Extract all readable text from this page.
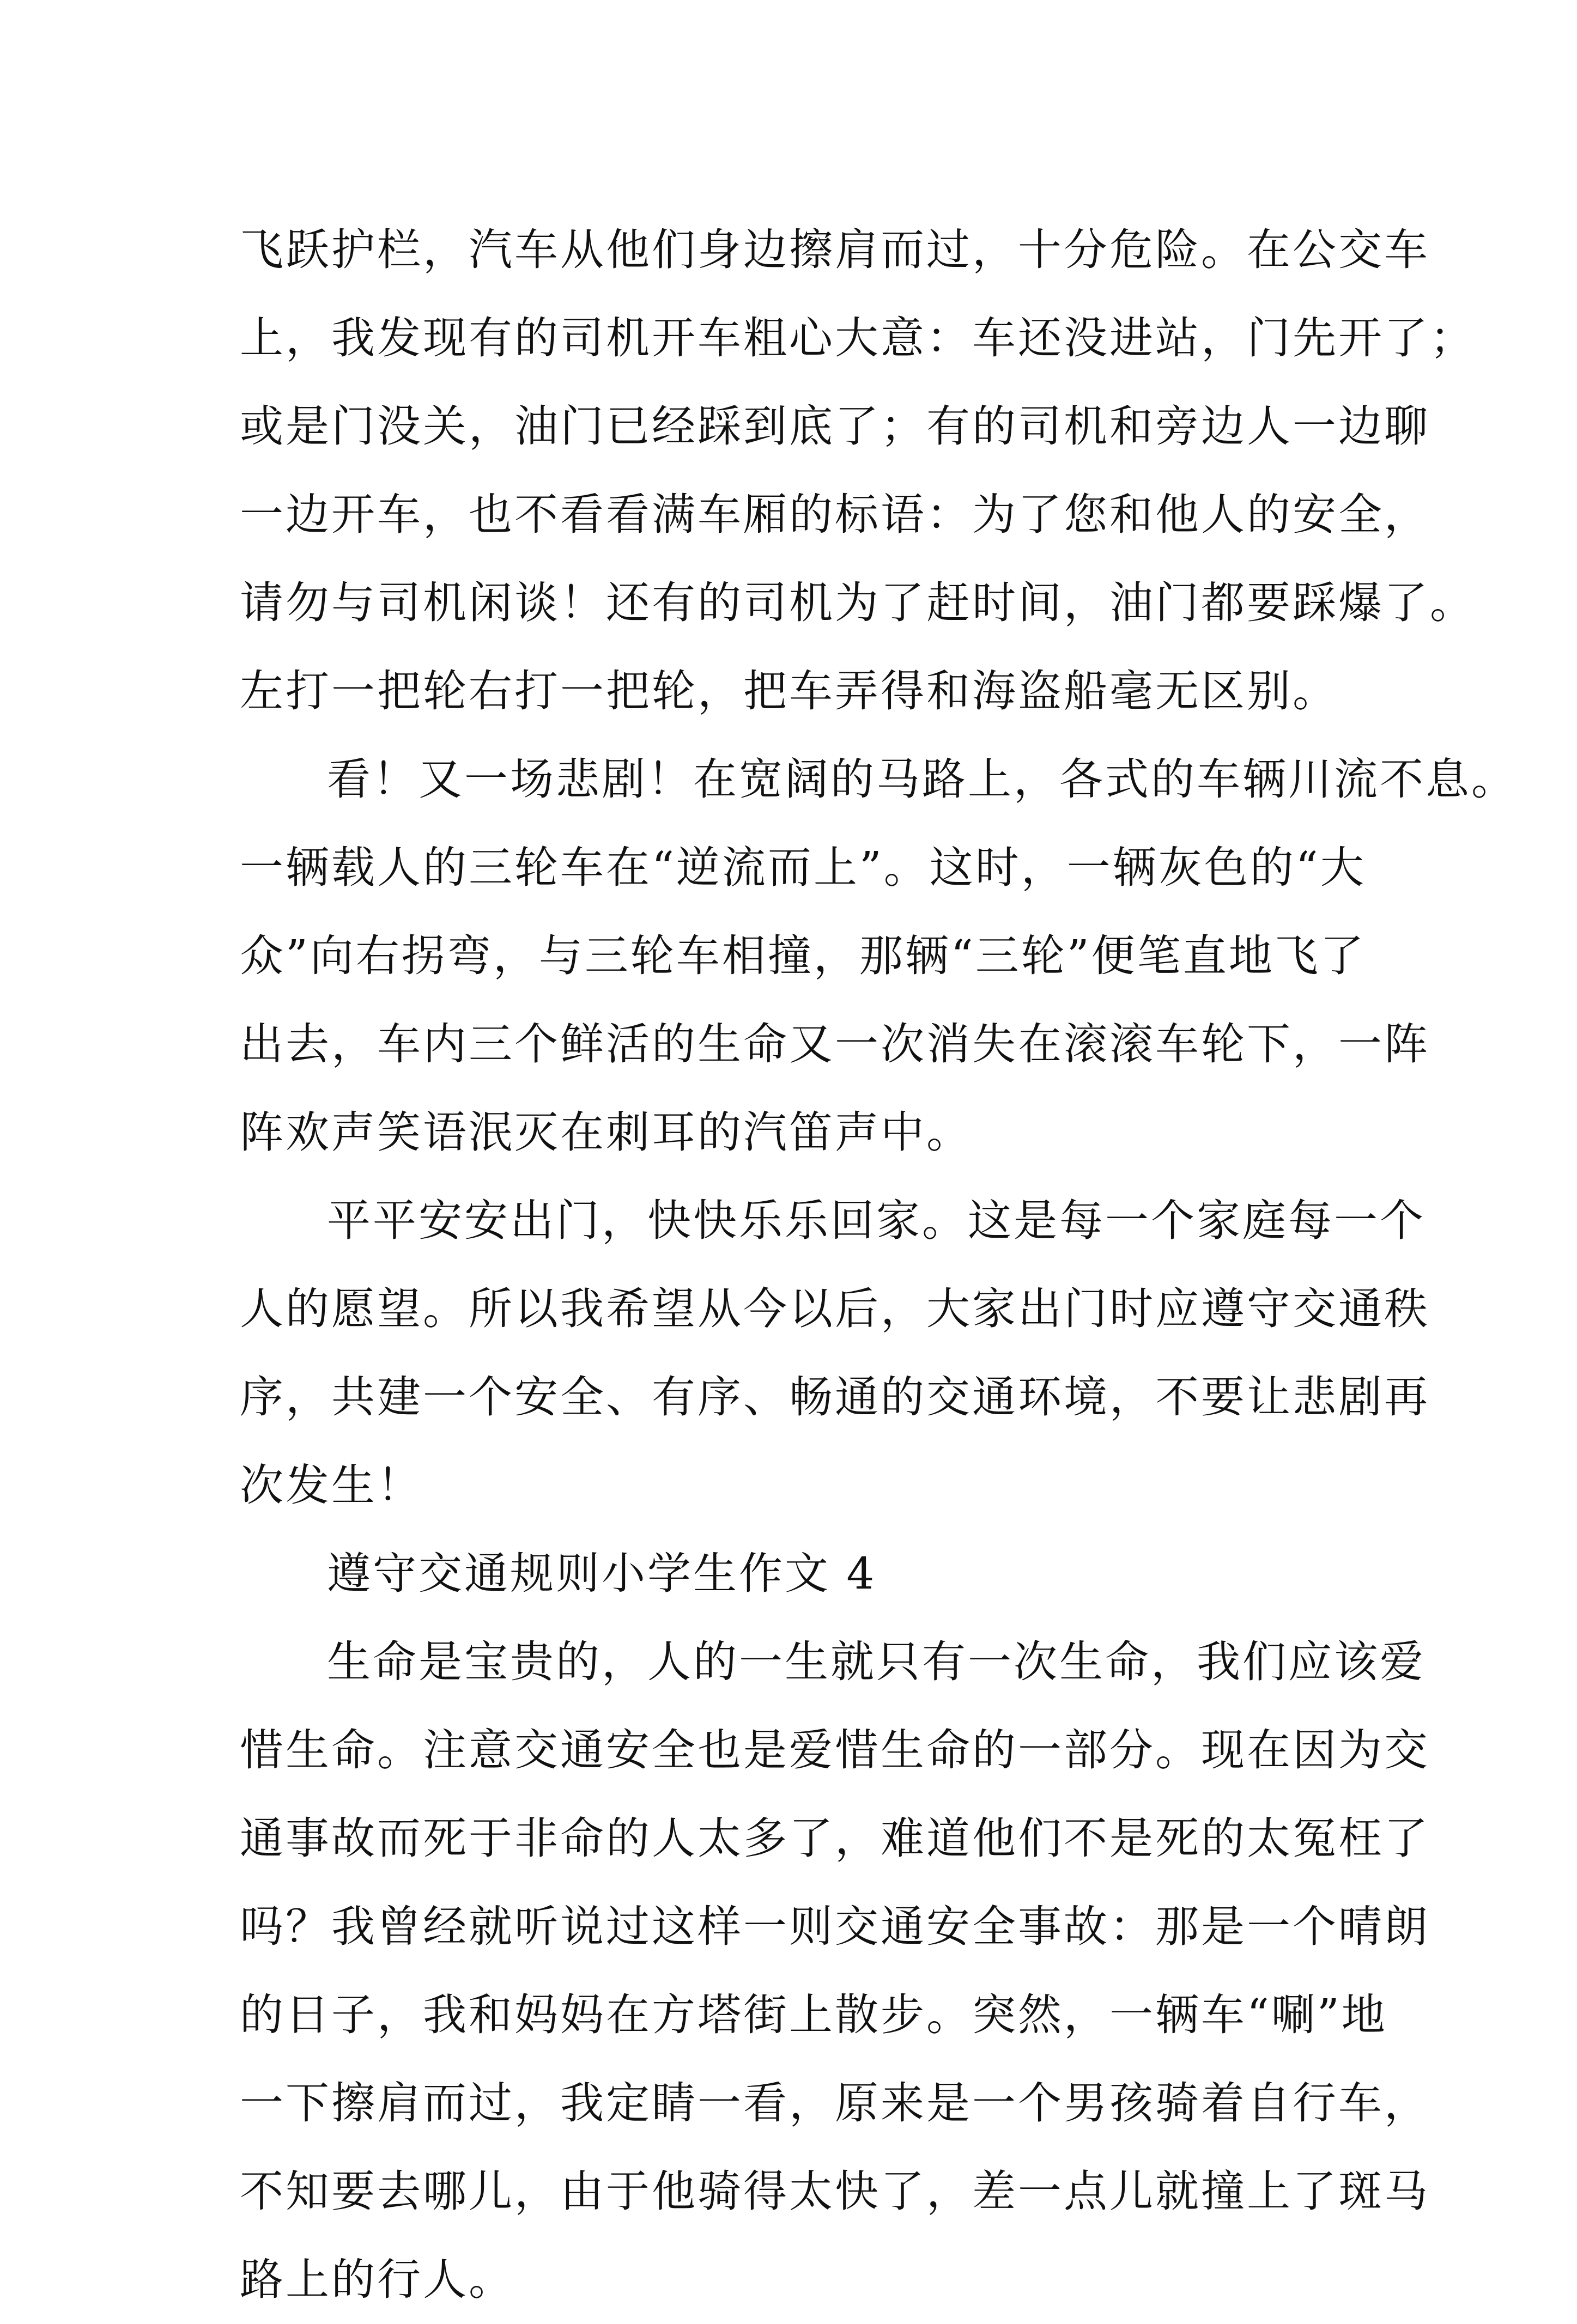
飞跃护栏，汽车从他们身边擦肩而过，十分危险。在公交车
上，我发现有的司机开车粗心大意：车还没进站，门先开了；
或是门没关，油门已经踩到底了；有的司机和旁边人一边聊
一边开车，也不看看满车厢的标语：为了您和他人的安全，
请勿与司机闲谈！还有的司机为了赶时间，油门都要踩爆了。
左打一把轮右打一把轮，把车弄得和海盗船毫无区别。
看！又一场悲剧！在宽阔的马路上，各式的车辆川流不息。
一辆载人的三轮车在“逆流而上”。这时，一辆灰色的“大
众”向右拐弯，与三轮车相撞，那辆“三轮”便笔直地飞了
出去，车内三个鲜活的生命又一次消失在滚滚车轮下，一阵
阵欢声笑语泯灭在刺耳的汽笛声中。
平平安安出门，快快乐乐回家。这是每一个家庭每一个
人的愿望。所以我希望从今以后，大家出门时应遵守交通秩
序，共建一个安全、有序、畅通的交通环境，不要让悲剧再
次发生！
遵守交通规则小学生作文 4
生命是宝贵的，人的一生就只有一次生命，我们应该爱
惜生命。注意交通安全也是爱惜生命的一部分。现在因为交
通事故而死于非命的人太多了，难道他们不是死的太冤枉了
吗？我曾经就听说过这样一则交通安全事故：那是一个晴朗
的日子，我和妈妈在方塔街上散步。突然，一辆车“唰”地
一下擦肩而过，我定睛一看，原来是一个男孩骑着自行车，
不知要去哪儿，由于他骑得太快了，差一点儿就撞上了斑马
路上的行人。
